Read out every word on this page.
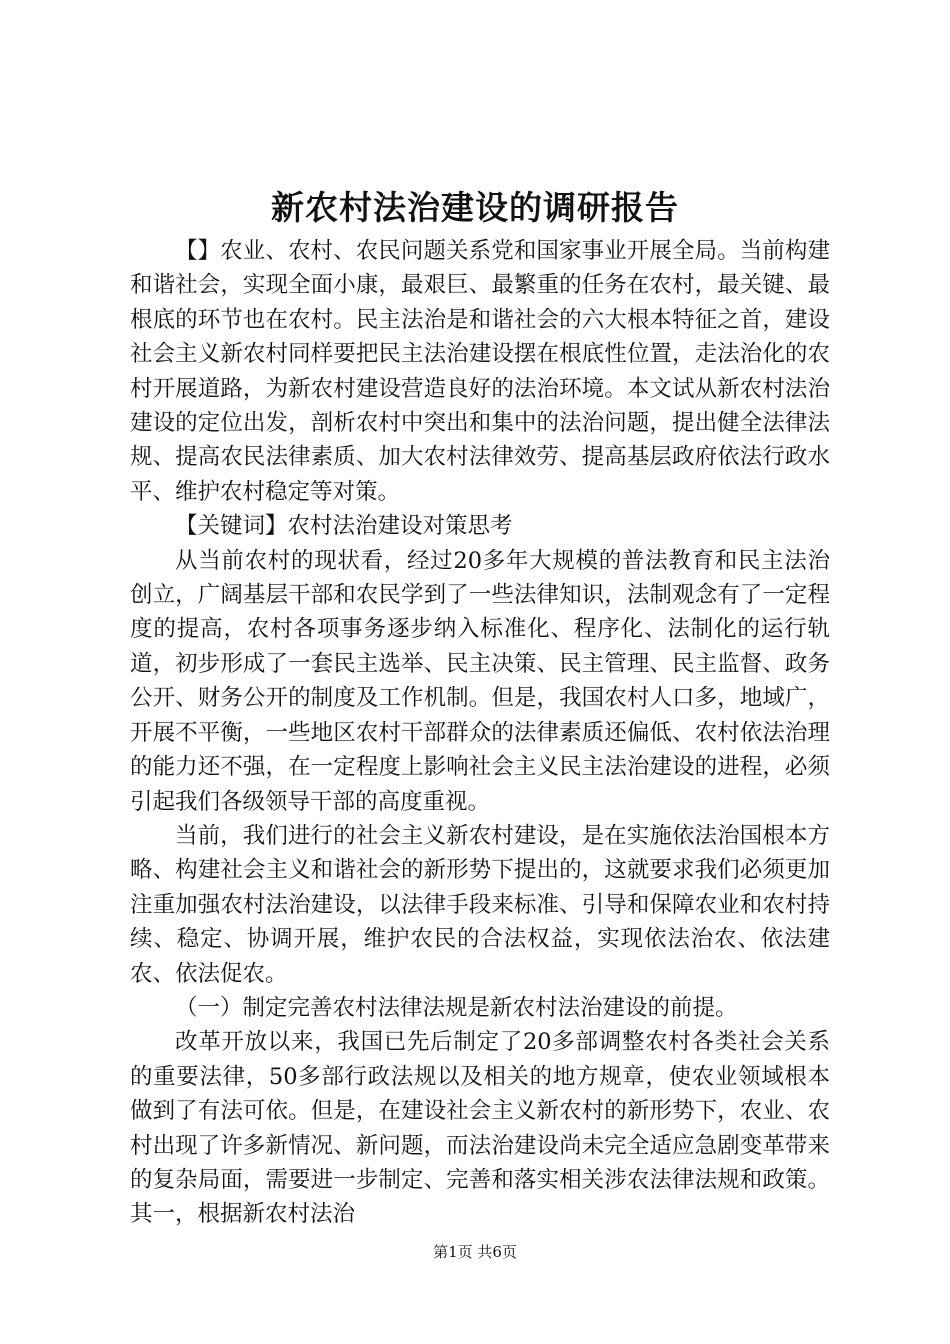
新农村法治建设的调研报告

【】农业、农村、农民问题关系党和国家事业开展全局。当前构建和谐社会，实现全面小康，最艰巨、最繁重的任务在农村，最关键、最根底的环节也在农村。民主法治是和谐社会的六大根本特征之首，建设社会主义新农村同样要把民主法治建设摆在根底性位置，走法治化的农村开展道路，为新农村建设营造良好的法治环境。本文试从新农村法治建设的定位出发，剖析农村中突出和集中的法治问题，提出健全法律法规、提高农民法律素质、加大农村法律效劳、提高基层政府依法行政水平、维护农村稳定等对策。

【关键词】农村法治建设对策思考

从当前农村的现状看，经过20多年大规模的普法教育和民主法治创立，广阔基层干部和农民学到了一些法律知识，法制观念有了一定程度的提高，农村各项事务逐步纳入标准化、程序化、法制化的运行轨道，初步形成了一套民主选举、民主决策、民主管理、民主监督、政务公开、财务公开的制度及工作机制。但是，我国农村人口多，地域广，开展不平衡，一些地区农村干部群众的法律素质还偏低、农村依法治理的能力还不强，在一定程度上影响社会主义民主法治建设的进程，必须引起我们各级领导干部的高度重视。

当前，我们进行的社会主义新农村建设，是在实施依法治国根本方略、构建社会主义和谐社会的新形势下提出的，这就要求我们必须更加注重加强农村法治建设，以法律手段来标准、引导和保障农业和农村持续、稳定、协调开展，维护农民的合法权益，实现依法治农、依法建农、依法促农。

（一）制定完善农村法律法规是新农村法治建设的前提。

改革开放以来，我国已先后制定了20多部调整农村各类社会关系的重要法律，50多部行政法规以及相关的地方规章，使农业领域根本做到了有法可依。但是，在建设社会主义新农村的新形势下，农业、农村出现了许多新情况、新问题，而法治建设尚未完全适应急剧变革带来的复杂局面，需要进一步制定、完善和落实相关涉农法律法规和政策。其一，根据新农村法治

第1页 共6页
